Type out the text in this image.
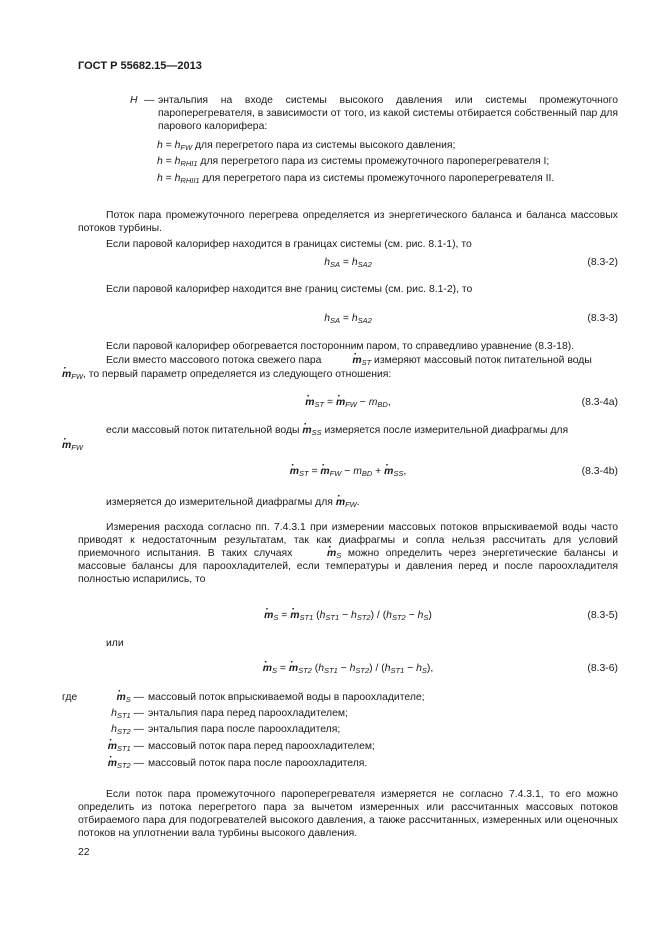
ГОСТ Р 55682.15—2013
H — энтальпия на входе системы высокого давления или системы промежуточного пароперегревателя, в зависимости от того, из какой системы отбирается собственный пар для парового калорифера:
$h = h_{FW}$ для перегретого пара из системы высокого давления;
$h = h_{RHI1}$ для перегретого пара из системы промежуточного пароперегревателя I;
$h = h_{RHII1}$ для перегретого пара из системы промежуточного пароперегревателя II.
Поток пара промежуточного перегрева определяется из энергетического баланса и баланса массовых потоков турбины.
Если паровой калорифер находится в границах системы (см. рис. 8.1-1), то
$h_{SA} = h_{SA2}$	(8.3-2)
Если паровой калорифер находится вне границ системы (см. рис. 8.1-2), то
$h_{SA} = h_{SA2}$	(8.3-3)
Если паровой калорифер обогревается посторонним паром, то справедливо уравнение (8.3-18).
Если вместо массового потока свежего пара	· $m_{ST}$ измеряют массовый поток питательной воды
· $m_{FW}$, то первый параметр определяется из следующего отношения:
· $m_{ST}$ = · $m_{FW} - m_{BD}$,	(8.3-4a)
если массовый поток питательной воды · $m_{SS}$ измеряется после измерительной диафрагмы для
· $m_{FW}$
· $m_{ST}$ = · $m_{FW} - m_{BD}$ + · $m_{SS}$,	(8.3-4b)
измеряется до измерительной диафрагмы для · $m_{FW}$.
Измерения расхода согласно пп. 7.4.3.1 при измерении массовых потоков впрыскиваемой воды часто приводят к недостаточным результатам, так как диафрагмы и сопла нельзя рассчитать для условий приемочного испытания. В таких случаях	· $m_S$ можно определить через энергетические балансы и массовые балансы для пароохладителей, если температуры и давления перед и после пароохладителя полностью испарились, то
· $m_S$ = · $m_{ST1}$ $(h_{ST1} - h_{ST2}) / (h_{ST2} - h_S)$	(8.3-5)
или
· $m_S$ = · $m_{ST2}$ $(h_{ST1} - h_{ST2}) / (h_{ST1} - h_S)$,	(8.3-6)
где	· $m_S$ — массовый поток впрыскиваемой воды в пароохладителе;
$h_{ST1}$ — энтальпия пара перед пароохладителем;
$h_{ST2}$ — энтальпия пара после пароохладителя;
· $m_{ST1}$ — массовый поток пара перед пароохладителем;
· $m_{ST2}$ — массовый поток пара после пароохладителя.
Если поток пара промежуточного пароперегревателя измеряется не согласно 7.4.3.1, то его можно определить из потока перегретого пара за вычетом измеренных или рассчитанных массовых потоков отбираемого пара для подогревателей высокого давления, а также рассчитанных, измеренных или оценочных потоков на уплотнении вала турбины высокого давления.
22
